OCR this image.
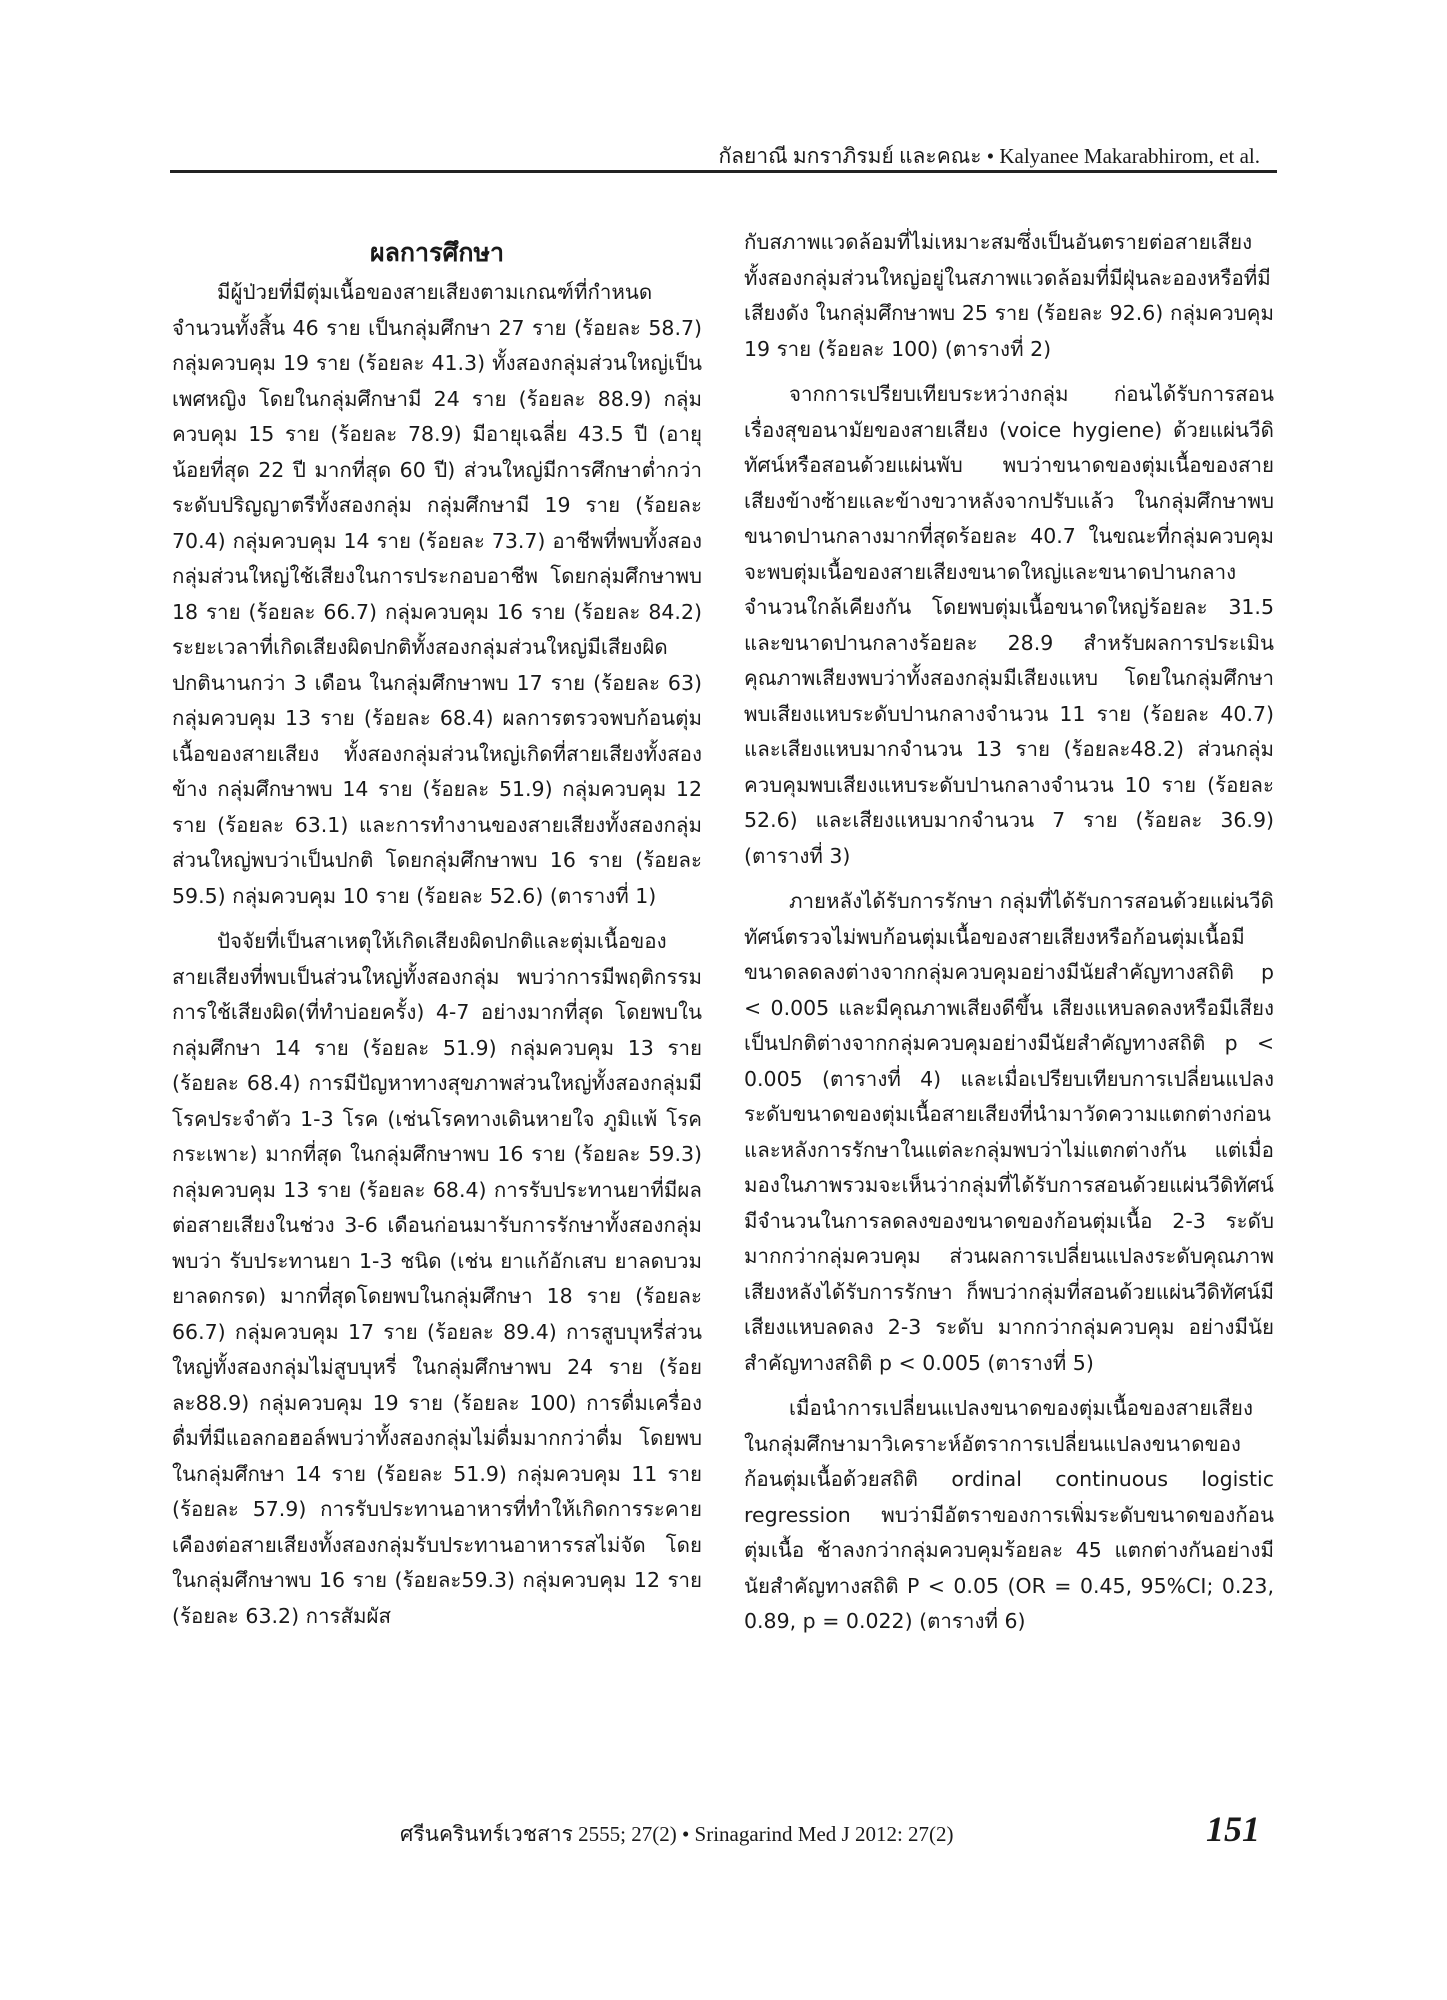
กัลยาณี มกราภิรมย์ และคณะ • Kalyanee Makarabhirom, et al.
ผลการศึกษา

มีผู้ป่วยที่มีตุ่มเนื้อของสายเสียงตามเกณฑ์ที่กำหนด จำนวนทั้งสิ้น 46 ราย เป็นกลุ่มศึกษา 27 ราย (ร้อยละ 58.7) กลุ่มควบคุม 19 ราย (ร้อยละ 41.3) ทั้งสองกลุ่มส่วนใหญ่เป็นเพศหญิง โดยในกลุ่มศึกษามี 24 ราย (ร้อยละ 88.9) กลุ่มควบคุม 15 ราย (ร้อยละ 78.9) มีอายุเฉลี่ย 43.5 ปี (อายุน้อยที่สุด 22 ปี มากที่สุด 60 ปี) ส่วนใหญ่มีการศึกษาต่ำกว่าระดับปริญญาตรีทั้งสองกลุ่ม กลุ่มศึกษามี 19 ราย (ร้อยละ 70.4) กลุ่มควบคุม 14 ราย (ร้อยละ 73.7) อาชีพที่พบทั้งสองกลุ่มส่วนใหญ่ใช้เสียงในการประกอบอาชีพ โดยกลุ่มศึกษาพบ 18 ราย (ร้อยละ 66.7) กลุ่มควบคุม 16 ราย (ร้อยละ 84.2) ระยะเวลาที่เกิดเสียงผิดปกติทั้งสองกลุ่มส่วนใหญ่มีเสียงผิดปกตินานกว่า 3 เดือน ในกลุ่มศึกษาพบ 17 ราย (ร้อยละ 63) กลุ่มควบคุม 13 ราย (ร้อยละ 68.4) ผลการตรวจพบก้อนตุ่มเนื้อของสายเสียง ทั้งสองกลุ่มส่วนใหญ่เกิดที่สายเสียงทั้งสองข้าง กลุ่มศึกษาพบ 14 ราย (ร้อยละ 51.9) กลุ่มควบคุม 12 ราย (ร้อยละ 63.1) และการทำงานของสายเสียงทั้งสองกลุ่มส่วนใหญ่พบว่าเป็นปกติ โดยกลุ่มศึกษาพบ 16 ราย (ร้อยละ 59.5) กลุ่มควบคุม 10 ราย (ร้อยละ 52.6) (ตารางที่ 1)

ปัจจัยที่เป็นสาเหตุให้เกิดเสียงผิดปกติและตุ่มเนื้อของสายเสียงที่พบเป็นส่วนใหญ่ทั้งสองกลุ่ม พบว่าการมีพฤติกรรมการใช้เสียงผิด(ที่ทำบ่อยครั้ง) 4-7 อย่างมากที่สุด โดยพบในกลุ่มศึกษา 14 ราย (ร้อยละ 51.9) กลุ่มควบคุม 13 ราย (ร้อยละ 68.4) การมีปัญหาทางสุขภาพส่วนใหญ่ทั้งสองกลุ่มมีโรคประจำตัว 1-3 โรค (เช่นโรคทางเดินหายใจ ภูมิแพ้ โรคกระเพาะ) มากที่สุด ในกลุ่มศึกษาพบ 16 ราย (ร้อยละ 59.3) กลุ่มควบคุม 13 ราย (ร้อยละ 68.4) การรับประทานยาที่มีผลต่อสายเสียงในช่วง 3-6 เดือนก่อนมารับการรักษาทั้งสองกลุ่มพบว่า รับประทานยา 1-3 ชนิด (เช่น ยาแก้อักเสบ ยาลดบวม ยาลดกรด) มากที่สุดโดยพบในกลุ่มศึกษา 18 ราย (ร้อยละ 66.7) กลุ่มควบคุม 17 ราย (ร้อยละ 89.4) การสูบบุหรี่ส่วนใหญ่ทั้งสองกลุ่มไม่สูบบุหรี่ ในกลุ่มศึกษาพบ 24 ราย (ร้อยละ88.9) กลุ่มควบคุม 19 ราย (ร้อยละ 100) การดื่มเครื่องดื่มที่มีแอลกอฮอล์พบว่าทั้งสองกลุ่มไม่ดื่มมากกว่าดื่ม โดยพบในกลุ่มศึกษา 14 ราย (ร้อยละ 51.9) กลุ่มควบคุม 11 ราย (ร้อยละ 57.9) การรับประทานอาหารที่ทำให้เกิดการระคายเคืองต่อสายเสียงทั้งสองกลุ่มรับประทานอาหารรสไม่จัด โดยในกลุ่มศึกษาพบ 16 ราย (ร้อยละ59.3) กลุ่มควบคุม 12 ราย (ร้อยละ 63.2) การสัมผัส

กับสภาพแวดล้อมที่ไม่เหมาะสมซึ่งเป็นอันตรายต่อสายเสียงทั้งสองกลุ่มส่วนใหญ่อยู่ในสภาพแวดล้อมที่มีฝุ่นละอองหรือที่มีเสียงดัง ในกลุ่มศึกษาพบ 25 ราย (ร้อยละ 92.6) กลุ่มควบคุม 19 ราย (ร้อยละ 100) (ตารางที่ 2)

จากการเปรียบเทียบระหว่างกลุ่ม ก่อนได้รับการสอนเรื่องสุขอนามัยของสายเสียง (voice hygiene) ด้วยแผ่นวีดิทัศน์หรือสอนด้วยแผ่นพับ พบว่าขนาดของตุ่มเนื้อของสายเสียงข้างซ้ายและข้างขวาหลังจากปรับแล้ว ในกลุ่มศึกษาพบขนาดปานกลางมากที่สุดร้อยละ 40.7 ในขณะที่กลุ่มควบคุมจะพบตุ่มเนื้อของสายเสียงขนาดใหญ่และขนาดปานกลางจำนวนใกล้เคียงกัน โดยพบตุ่มเนื้อขนาดใหญ่ร้อยละ 31.5 และขนาดปานกลางร้อยละ 28.9 สำหรับผลการประเมินคุณภาพเสียงพบว่าทั้งสองกลุ่มมีเสียงแหบ โดยในกลุ่มศึกษาพบเสียงแหบระดับปานกลางจำนวน 11 ราย (ร้อยละ 40.7) และเสียงแหบมากจำนวน 13 ราย (ร้อยละ48.2) ส่วนกลุ่มควบคุมพบเสียงแหบระดับปานกลางจำนวน 10 ราย (ร้อยละ 52.6) และเสียงแหบมากจำนวน 7 ราย (ร้อยละ 36.9) (ตารางที่ 3)

ภายหลังได้รับการรักษา กลุ่มที่ได้รับการสอนด้วยแผ่นวีดิทัศน์ตรวจไม่พบก้อนตุ่มเนื้อของสายเสียงหรือก้อนตุ่มเนื้อมีขนาดลดลงต่างจากกลุ่มควบคุมอย่างมีนัยสำคัญทางสถิติ p < 0.005 และมีคุณภาพเสียงดีขึ้น เสียงแหบลดลงหรือมีเสียงเป็นปกติต่างจากกลุ่มควบคุมอย่างมีนัยสำคัญทางสถิติ p < 0.005 (ตารางที่ 4) และเมื่อเปรียบเทียบการเปลี่ยนแปลงระดับขนาดของตุ่มเนื้อสายเสียงที่นำมาวัดความแตกต่างก่อนและหลังการรักษาในแต่ละกลุ่มพบว่าไม่แตกต่างกัน แต่เมื่อมองในภาพรวมจะเห็นว่ากลุ่มที่ได้รับการสอนด้วยแผ่นวีดิทัศน์มีจำนวนในการลดลงของขนาดของก้อนตุ่มเนื้อ 2-3 ระดับ มากกว่ากลุ่มควบคุม ส่วนผลการเปลี่ยนแปลงระดับคุณภาพเสียงหลังได้รับการรักษา ก็พบว่ากลุ่มที่สอนด้วยแผ่นวีดิทัศน์มีเสียงแหบลดลง 2-3 ระดับ มากกว่ากลุ่มควบคุม อย่างมีนัยสำคัญทางสถิติ p < 0.005 (ตารางที่ 5)

เมื่อนำการเปลี่ยนแปลงขนาดของตุ่มเนื้อของสายเสียงในกลุ่มศึกษามาวิเคราะห์อัตราการเปลี่ยนแปลงขนาดของก้อนตุ่มเนื้อด้วยสถิติ ordinal continuous logistic regression พบว่ามีอัตราของการเพิ่มระดับขนาดของก้อนตุ่มเนื้อ ช้าลงกว่ากลุ่มควบคุมร้อยละ 45 แตกต่างกันอย่างมีนัยสำคัญทางสถิติ P < 0.05 (OR = 0.45, 95%CI; 0.23, 0.89, p = 0.022) (ตารางที่ 6)

ศรีนครินทร์เวชสาร 2555; 27(2) • Srinagarind Med J 2012: 27(2)	151
